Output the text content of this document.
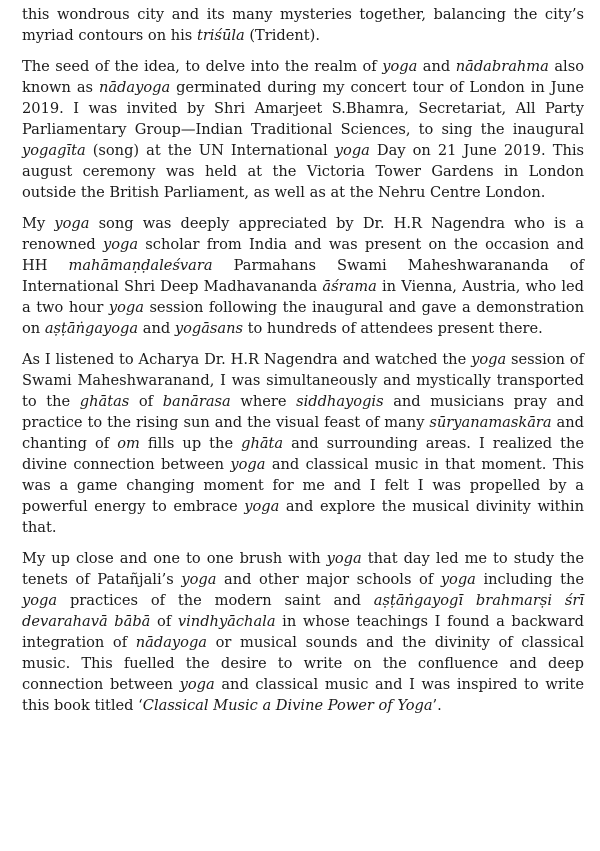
this wondrous city and its many mysteries together, balancing the city’s myriad contours on his triśūla (Trident).

The seed of the idea, to delve into the realm of yoga and nādabrahma also known as nādayoga germinated during my concert tour of London in June 2019. I was invited by Shri Amarjeet S.Bhamra, Secretariat, All Party Parliamentary Group—Indian Traditional Sciences, to sing the inaugural yogagīta (song) at the UN International yoga Day on 21 June 2019. This august ceremony was held at the Victoria Tower Gardens in London outside the British Parliament, as well as at the Nehru Centre London.

My yoga song was deeply appreciated by Dr. H.R Nagendra who is a renowned yoga scholar from India and was present on the occasion and HH mahāmaṇḍaleśvara Parmahans Swami Maheshwarananda of International Shri Deep Madhavananda āśrama in Vienna, Austria, who led a two hour yoga session following the inaugural and gave a demonstration on aṣṭāṅgayoga and yogāsans to hundreds of attendees present there.

As I listened to Acharya Dr. H.R Nagendra and watched the yoga session of Swami Maheshwaranand, I was simultaneously and mystically transported to the ghātas of banārasa where siddhayogis and musicians pray and practice to the rising sun and the visual feast of many sūryanamaskāra and chanting of om fills up the ghāta and surrounding areas. I realized the divine connection between yoga and classical music in that moment. This was a game changing moment for me and I felt I was propelled by a powerful energy to embrace yoga and explore the musical divinity within that.

My up close and one to one brush with yoga that day led me to study the tenets of Patañjali’s yoga and other major schools of yoga including the yoga practices of the modern saint and aṣṭāṅgayogī brahmarṣi śrī devarahavā bābā of vindhyāchala in whose teachings I found a backward integration of nādayoga or musical sounds and the divinity of classical music. This fuelled the desire to write on the confluence and deep connection between yoga and classical music and I was inspired to write this book titled ‘Classical Music a Divine Power of Yoga’.
